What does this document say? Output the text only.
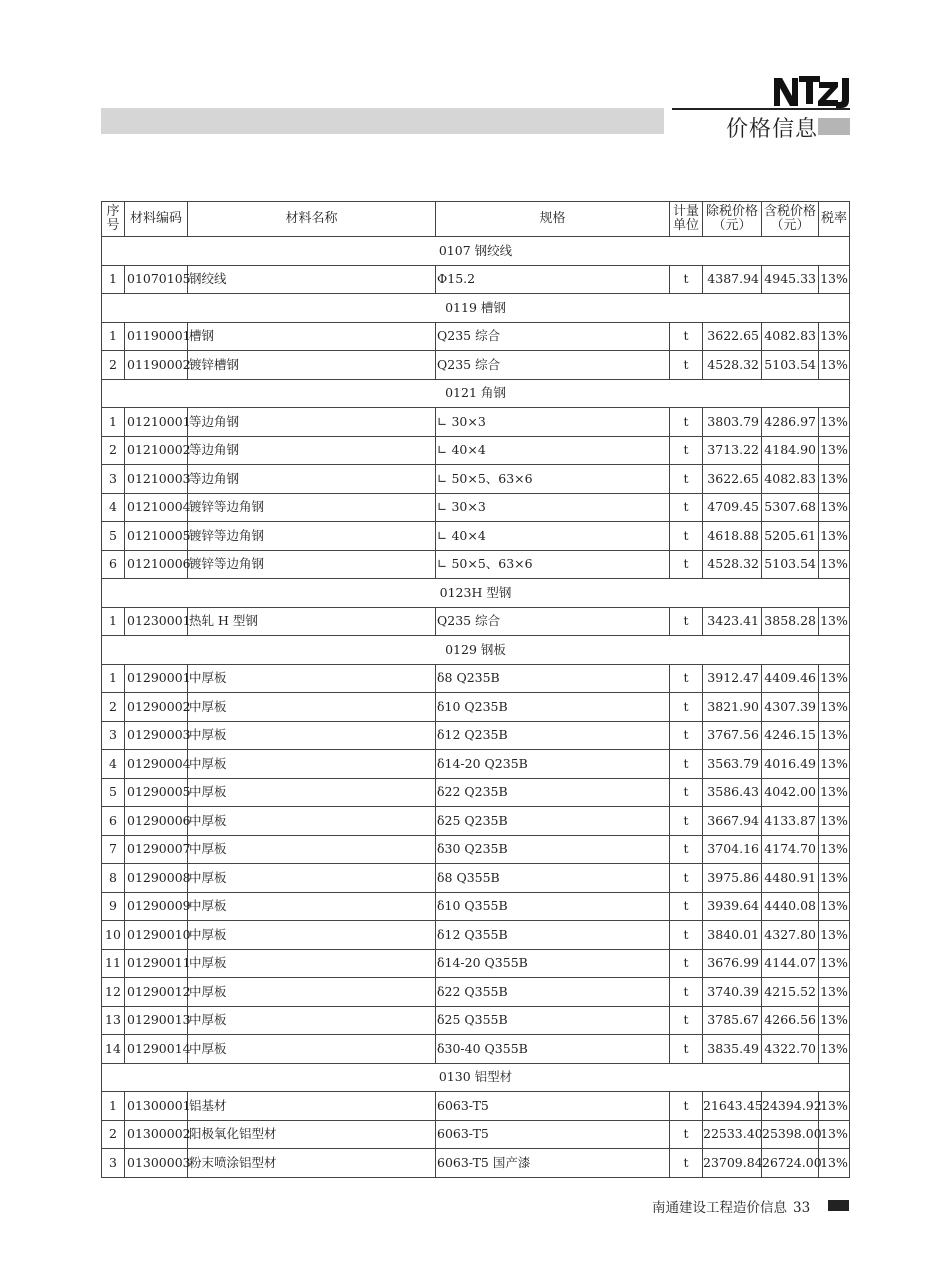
价格信息
序号	材料编码	材料名称	规格	计量单位	除税价格（元）	含税价格（元）	税率
0107 钢绞线							
1	01070105	钢绞线	Φ15.2	t	4387.94	4945.33	13%
0119 槽钢							
1	01190001	槽钢	Q235 综合	t	3622.65	4082.83	13%
2	01190002	镀锌槽钢	Q235 综合	t	4528.32	5103.54	13%
0121 角钢							
1	01210001	等边角钢	∟ 30×3	t	3803.79	4286.97	13%
2	01210002	等边角钢	∟ 40×4	t	3713.22	4184.90	13%
3	01210003	等边角钢	∟ 50×5、63×6	t	3622.65	4082.83	13%
4	01210004	镀锌等边角钢	∟ 30×3	t	4709.45	5307.68	13%
5	01210005	镀锌等边角钢	∟ 40×4	t	4618.88	5205.61	13%
6	01210006	镀锌等边角钢	∟ 50×5、63×6	t	4528.32	5103.54	13%
0123H 型钢							
1	01230001	热轧 H 型钢	Q235 综合	t	3423.41	3858.28	13%
0129 钢板							
1	01290001	中厚板	δ8 Q235B	t	3912.47	4409.46	13%
2	01290002	中厚板	δ10 Q235B	t	3821.90	4307.39	13%
3	01290003	中厚板	δ12 Q235B	t	3767.56	4246.15	13%
4	01290004	中厚板	δ14-20 Q235B	t	3563.79	4016.49	13%
5	01290005	中厚板	δ22 Q235B	t	3586.43	4042.00	13%
6	01290006	中厚板	δ25 Q235B	t	3667.94	4133.87	13%
7	01290007	中厚板	δ30 Q235B	t	3704.16	4174.70	13%
8	01290008	中厚板	δ8 Q355B	t	3975.86	4480.91	13%
9	01290009	中厚板	δ10 Q355B	t	3939.64	4440.08	13%
10	01290010	中厚板	δ12 Q355B	t	3840.01	4327.80	13%
11	01290011	中厚板	δ14-20 Q355B	t	3676.99	4144.07	13%
12	01290012	中厚板	δ22 Q355B	t	3740.39	4215.52	13%
13	01290013	中厚板	δ25 Q355B	t	3785.67	4266.56	13%
14	01290014	中厚板	δ30-40 Q355B	t	3835.49	4322.70	13%
0130 铝型材							
1	01300001	铝基材	6063-T5	t	21643.45	24394.92	13%
2	01300002	阳极氧化铝型材	6063-T5	t	22533.40	25398.00	13%
3	01300003	粉末喷涂铝型材	6063-T5 国产漆	t	23709.84	26724.00	13%
南通建设工程造价信息 33
